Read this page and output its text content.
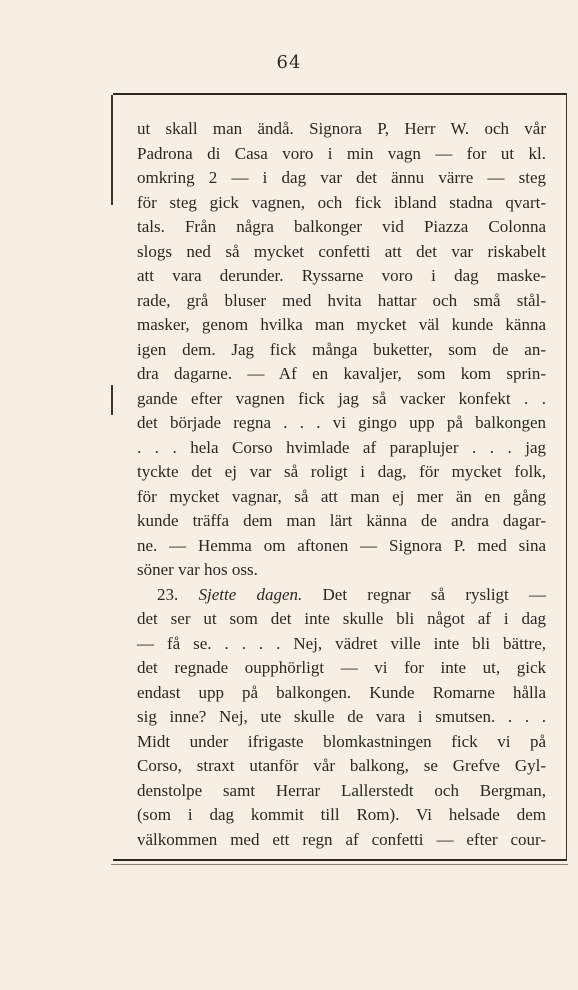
64
ut skall man ändå. Signora P, Herr W. och vår
Padrona di Casa voro i min vagn — for ut kl.
omkring 2 — i dag var det ännu värre — steg
för steg gick vagnen, och fick ibland stadna qvart-
tals. Från några balkonger vid Piazza Colonna
slogs ned så mycket confetti att det var riskabelt
att vara derunder. Ryssarne voro i dag maske-
rade, grå bluser med hvita hattar och små stål-
masker, genom hvilka man mycket väl kunde känna
igen dem. Jag fick många buketter, som de an-
dra dagarne. — Af en kavaljer, som kom sprin-
gande efter vagnen fick jag så vacker konfekt . .
det började regna . . . vi gingo upp på balkongen
. . . hela Corso hvimlade af paraplujer . . . jag
tyckte det ej var så roligt i dag, för mycket folk,
för mycket vagnar, så att man ej mer än en gång
kunde träffa dem man lärt känna de andra dagar-
ne. — Hemma om aftonen — Signora P. med sina
söner var hos oss.
23. Sjette dagen. Det regnar så rysligt —
det ser ut som det inte skulle bli något af i dag
— få se. . . . . Nej, vädret ville inte bli bättre,
det regnade oupphörligt — vi for inte ut, gick
endast upp på balkongen. Kunde Romarne hålla
sig inne? Nej, ute skulle de vara i smutsen. . . .
Midt under ifrigaste blomkastningen fick vi på
Corso, straxt utanför vår balkong, se Grefve Gyl-
denstolpe samt Herrar Lallerstedt och Bergman,
(som i dag kommit till Rom). Vi helsade dem
välkommen med ett regn af confetti — efter cour-
